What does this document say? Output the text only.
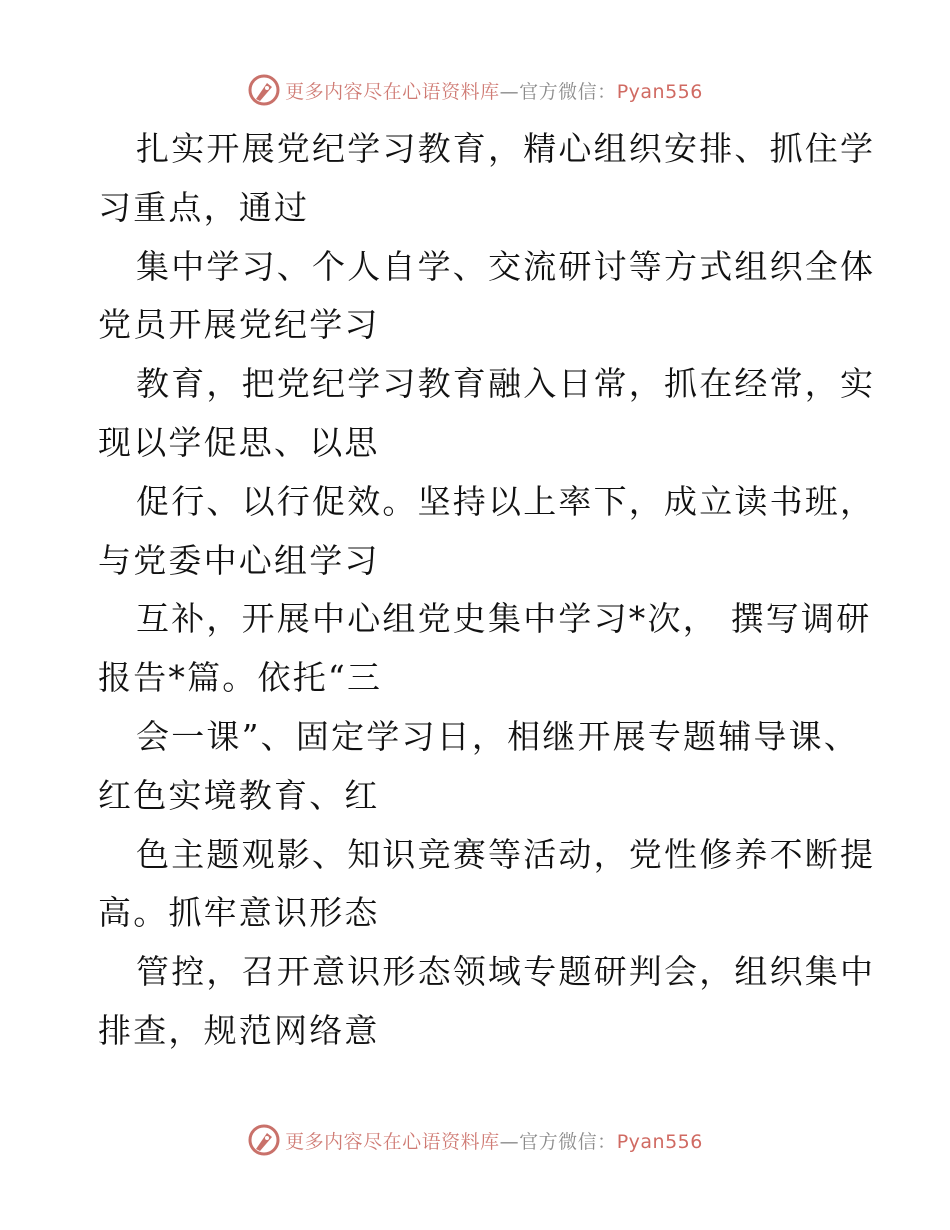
更多内容尽在心语资料库—官方微信：Pyan556
扎实开展党纪学习教育，精心组织安排、抓住学
习重点，通过
集中学习、个人自学、交流研讨等方式组织全体
党员开展党纪学习
教育，把党纪学习教育融入日常，抓在经常，实
现以学促思、以思
促行、以行促效。坚持以上率下，成立读书班，
与党委中心组学习
互补，开展中心组党史集中学习*次， 撰写调研
报告*篇。依托“三
会一课”、固定学习日，相继开展专题辅导课、
红色实境教育、红
色主题观影、知识竞赛等活动，党性修养不断提
高。抓牢意识形态
管控，召开意识形态领域专题研判会，组织集中
排查，规范网络意
更多内容尽在心语资料库—官方微信：Pyan556
